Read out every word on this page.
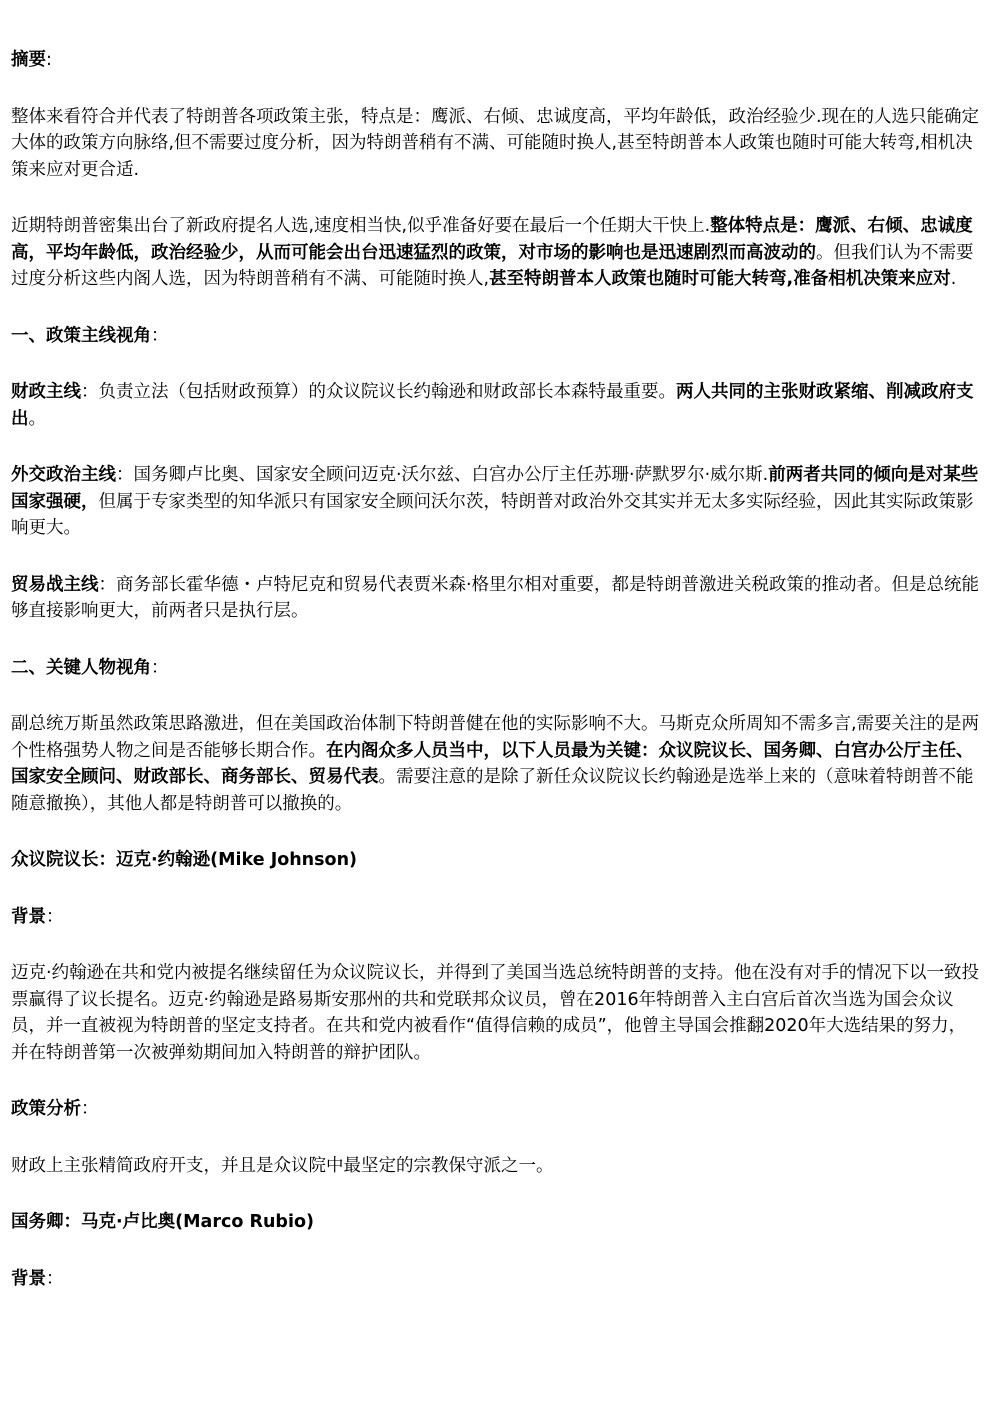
摘要:

整体来看符合并代表了特朗普各项政策主张，特点是：鹰派、右倾、忠诚度高，平均年龄低，政治经验少.现在的人选只能确定大体的政策方向脉络,但不需要过度分析，因为特朗普稍有不满、可能随时换人,甚至特朗普本人政策也随时可能大转弯,相机决策来应对更合适.

近期特朗普密集出台了新政府提名人选,速度相当快,似乎准备好要在最后一个任期大干快上.整体特点是：鹰派、右倾、忠诚度高，平均年龄低，政治经验少，从而可能会出台迅速猛烈的政策，对市场的影响也是迅速剧烈而高波动的。但我们认为不需要过度分析这些内阁人选，因为特朗普稍有不满、可能随时换人,甚至特朗普本人政策也随时可能大转弯,准备相机决策来应对.

一、政策主线视角：

财政主线：负责立法（包括财政预算）的众议院议长约翰逊和财政部长本森特最重要。两人共同的主张财政紧缩、削减政府支出。

外交政治主线：国务卿卢比奥、国家安全顾问迈克·沃尔兹、白宫办公厅主任苏珊·萨默罗尔·威尔斯.前两者共同的倾向是对某些国家强硬，但属于专家类型的知华派只有国家安全顾问沃尔茨，特朗普对政治外交其实并无太多实际经验，因此其实际政策影响更大。

贸易战主线：商务部长霍华德・卢特尼克和贸易代表贾米森·格里尔相对重要，都是特朗普激进关税政策的推动者。但是总统能够直接影响更大，前两者只是执行层。

二、关键人物视角：

副总统万斯虽然政策思路激进，但在美国政治体制下特朗普健在他的实际影响不大。马斯克众所周知不需多言,需要关注的是两个性格强势人物之间是否能够长期合作。在内阁众多人员当中，以下人员最为关键：众议院议长、国务卿、白宫办公厅主任、国家安全顾问、财政部长、商务部长、贸易代表。需要注意的是除了新任众议院议长约翰逊是选举上来的（意味着特朗普不能随意撤换），其他人都是特朗普可以撤换的。

众议院议长：迈克·约翰逊(Mike Johnson)

背景：

迈克·约翰逊在共和党内被提名继续留任为众议院议长，并得到了美国当选总统特朗普的支持。他在没有对手的情况下以一致投票赢得了议长提名。迈克·约翰逊是路易斯安那州的共和党联邦众议员，曾在2016年特朗普入主白宫后首次当选为国会众议员，并一直被视为特朗普的坚定支持者。在共和党内被看作“值得信赖的成员”，他曾主导国会推翻2020年大选结果的努力，并在特朗普第一次被弹劾期间加入特朗普的辩护团队。

政策分析：

财政上主张精简政府开支，并且是众议院中最坚定的宗教保守派之一。

国务卿：马克·卢比奥(Marco Rubio)

背景：
